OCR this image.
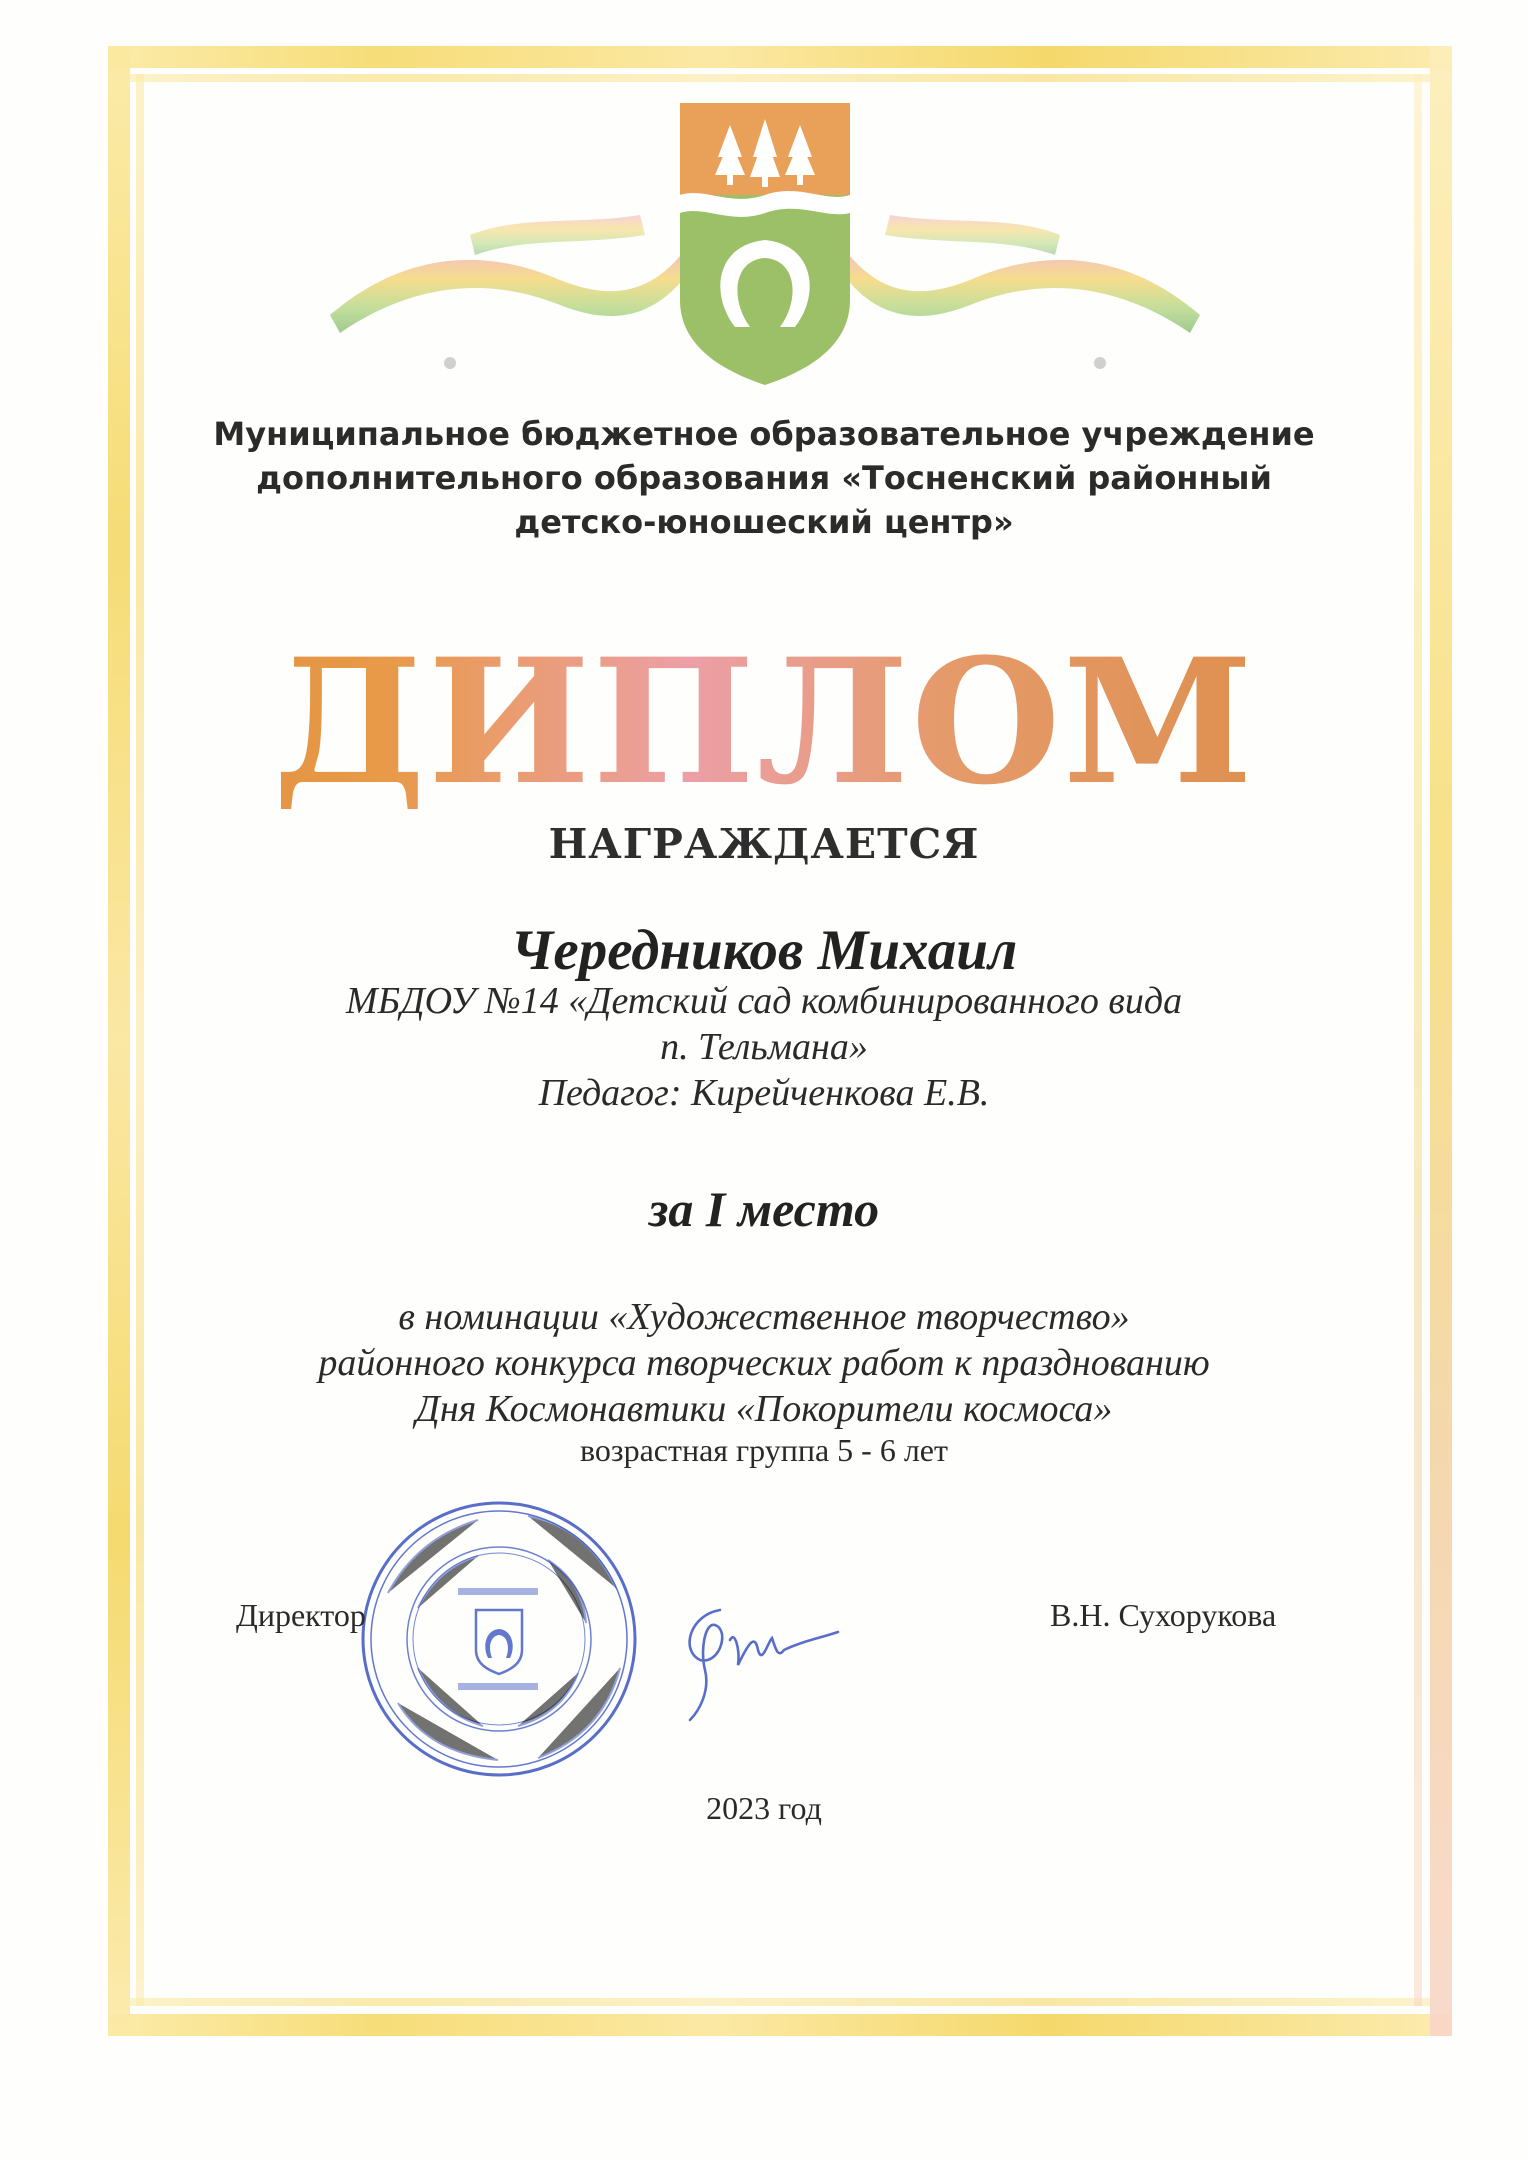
Муниципальное бюджетное образовательное учреждение
дополнительного образования «Тосненский районный
детско-юношеский центр»
ДИПЛОМ
НАГРАЖДАЕТСЯ
Чередников Михаил
МБДОУ №14 «Детский сад комбинированного вида
п. Тельмана»
Педагог: Кирейченкова Е.В.
за I место
в номинации «Художественное творчество»
районного конкурса творческих работ к празднованию
Дня Космонавтики «Покорители космоса»
возрастная группа 5 - 6 лет
Директор	В.Н. Сухорукова
2023 год
